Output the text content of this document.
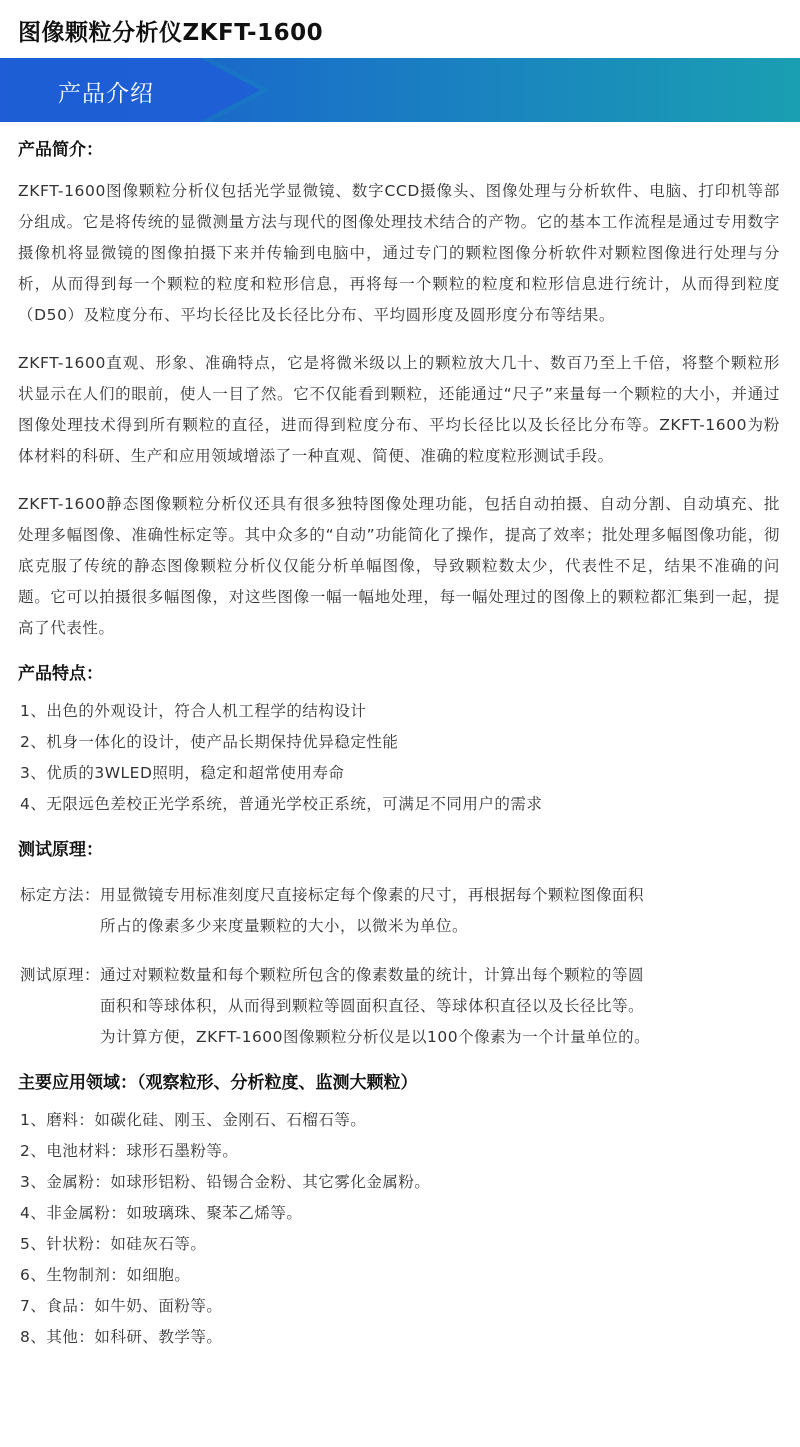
图像颗粒分析仪ZKFT-1600
产品介绍
产品简介：

ZKFT-1600图像颗粒分析仪包括光学显微镜、数字CCD摄像头、图像处理与分析软件、电脑、打印机等部分组成。它是将传统的显微测量方法与现代的图像处理技术结合的产物。它的基本工作流程是通过专用数字摄像机将显微镜的图像拍摄下来并传输到电脑中，通过专门的颗粒图像分析软件对颗粒图像进行处理与分析，从而得到每一个颗粒的粒度和粒形信息，再将每一个颗粒的粒度和粒形信息进行统计，从而得到粒度（D50）及粒度分布、平均长径比及长径比分布、平均圆形度及圆形度分布等结果。

ZKFT-1600直观、形象、准确特点，它是将微米级以上的颗粒放大几十、数百乃至上千倍，将整个颗粒形状显示在人们的眼前，使人一目了然。它不仅能看到颗粒，还能通过“尺子”来量每一个颗粒的大小，并通过图像处理技术得到所有颗粒的直径，进而得到粒度分布、平均长径比以及长径比分布等。ZKFT-1600为粉体材料的科研、生产和应用领域增添了一种直观、简便、准确的粒度粒形测试手段。

ZKFT-1600静态图像颗粒分析仪还具有很多独特图像处理功能，包括自动拍摄、自动分割、自动填充、批处理多幅图像、准确性标定等。其中众多的“自动”功能简化了操作，提高了效率；批处理多幅图像功能，彻底克服了传统的静态图像颗粒分析仪仅能分析单幅图像，导致颗粒数太少，代表性不足，结果不准确的问题。它可以拍摄很多幅图像，对这些图像一幅一幅地处理，每一幅处理过的图像上的颗粒都汇集到一起，提高了代表性。

产品特点：
1、出色的外观设计，符合人机工程学的结构设计
2、机身一体化的设计，使产品长期保持优异稳定性能
3、优质的3WLED照明，稳定和超常使用寿命
4、无限远色差校正光学系统，普通光学校正系统，可满足不同用户的需求
测试原理：
标定方法： 用显微镜专用标准刻度尺直接标定每个像素的尺寸，再根据每个颗粒图像面积
所占的像素多少来度量颗粒的大小，以微米为单位。
测试原理： 通过对颗粒数量和每个颗粒所包含的像素数量的统计，计算出每个颗粒的等圆
面积和等球体积，从而得到颗粒等圆面积直径、等球体积直径以及长径比等。
为计算方便，ZKFT-1600图像颗粒分析仪是以100个像素为一个计量单位的。
主要应用领域：（观察粒形、分析粒度、监测大颗粒）
1、磨料：如碳化硅、刚玉、金刚石、石榴石等。
2、电池材料：球形石墨粉等。
3、金属粉：如球形铝粉、铅锡合金粉、其它雾化金属粉。
4、非金属粉：如玻璃珠、聚苯乙烯等。
5、针状粉：如硅灰石等。
6、生物制剂：如细胞。
7、食品：如牛奶、面粉等。
8、其他：如科研、教学等。
